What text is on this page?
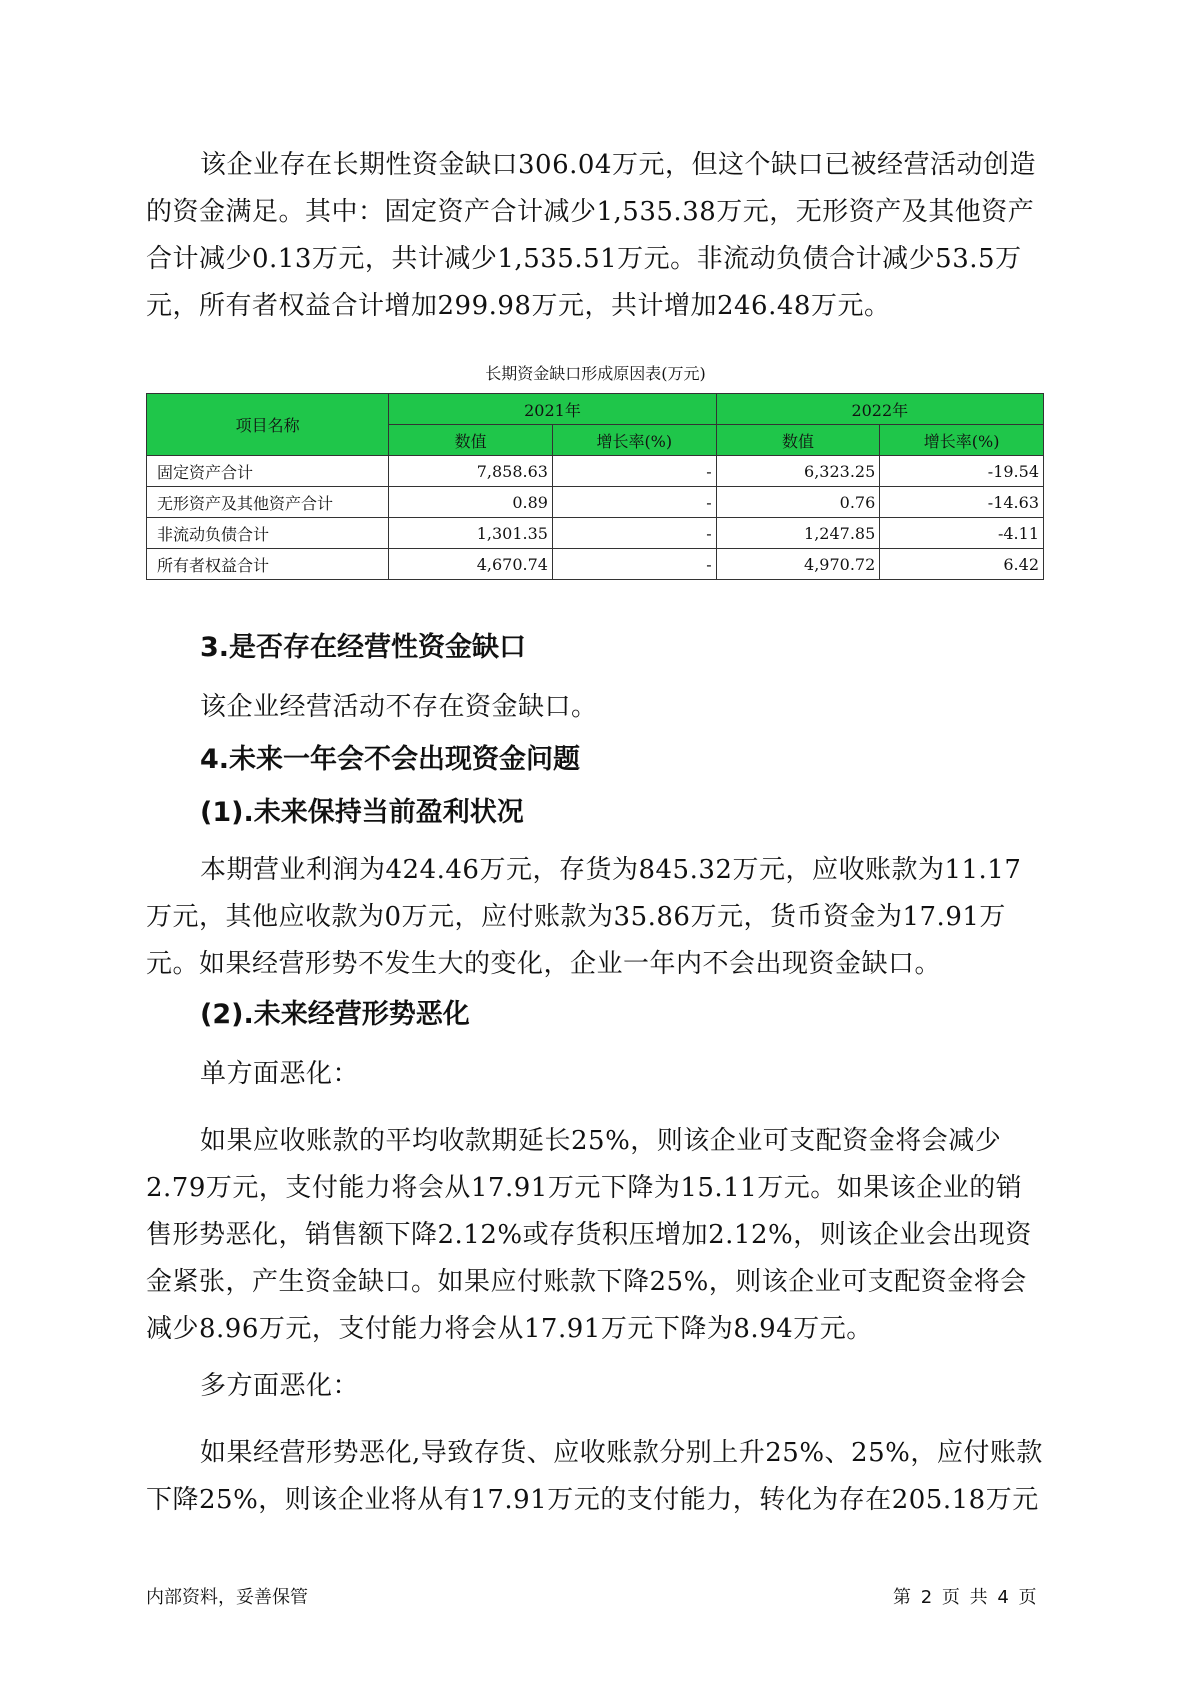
该企业存在长期性资金缺口306.04万元，但这个缺口已被经营活动创造的资金满足。其中：固定资产合计减少1,535.38万元，无形资产及其他资产合计减少0.13万元，共计减少1,535.51万元。非流动负债合计减少53.5万元，所有者权益合计增加299.98万元，共计增加246.48万元。

长期资金缺口形成原因表(万元)
项目名称	2021年		2022年	
	数值	增长率(%)	数值	增长率(%)
固定资产合计	7,858.63	-	6,323.25	-19.54
无形资产及其他资产合计	0.89	-	0.76	-14.63
非流动负债合计	1,301.35	-	1,247.85	-4.11
所有者权益合计	4,670.74	-	4,970.72	6.42
3.是否存在经营性资金缺口

该企业经营活动不存在资金缺口。

4.未来一年会不会出现资金问题
(1).未来保持当前盈利状况

本期营业利润为424.46万元，存货为845.32万元，应收账款为11.17万元，其他应收款为0万元，应付账款为35.86万元，货币资金为17.91万元。如果经营形势不发生大的变化，企业一年内不会出现资金缺口。

(2).未来经营形势恶化

单方面恶化：

如果应收账款的平均收款期延长25%，则该企业可支配资金将会减少2.79万元，支付能力将会从17.91万元下降为15.11万元。如果该企业的销售形势恶化，销售额下降2.12%或存货积压增加2.12%，则该企业会出现资金紧张，产生资金缺口。如果应付账款下降25%，则该企业可支配资金将会减少8.96万元，支付能力将会从17.91万元下降为8.94万元。

多方面恶化：

如果经营形势恶化,导致存货、应收账款分别上升25%、25%，应付账款下降25%，则该企业将从有17.91万元的支付能力，转化为存在205.18万元

内部资料，妥善保管	第 2 页 共 4 页
